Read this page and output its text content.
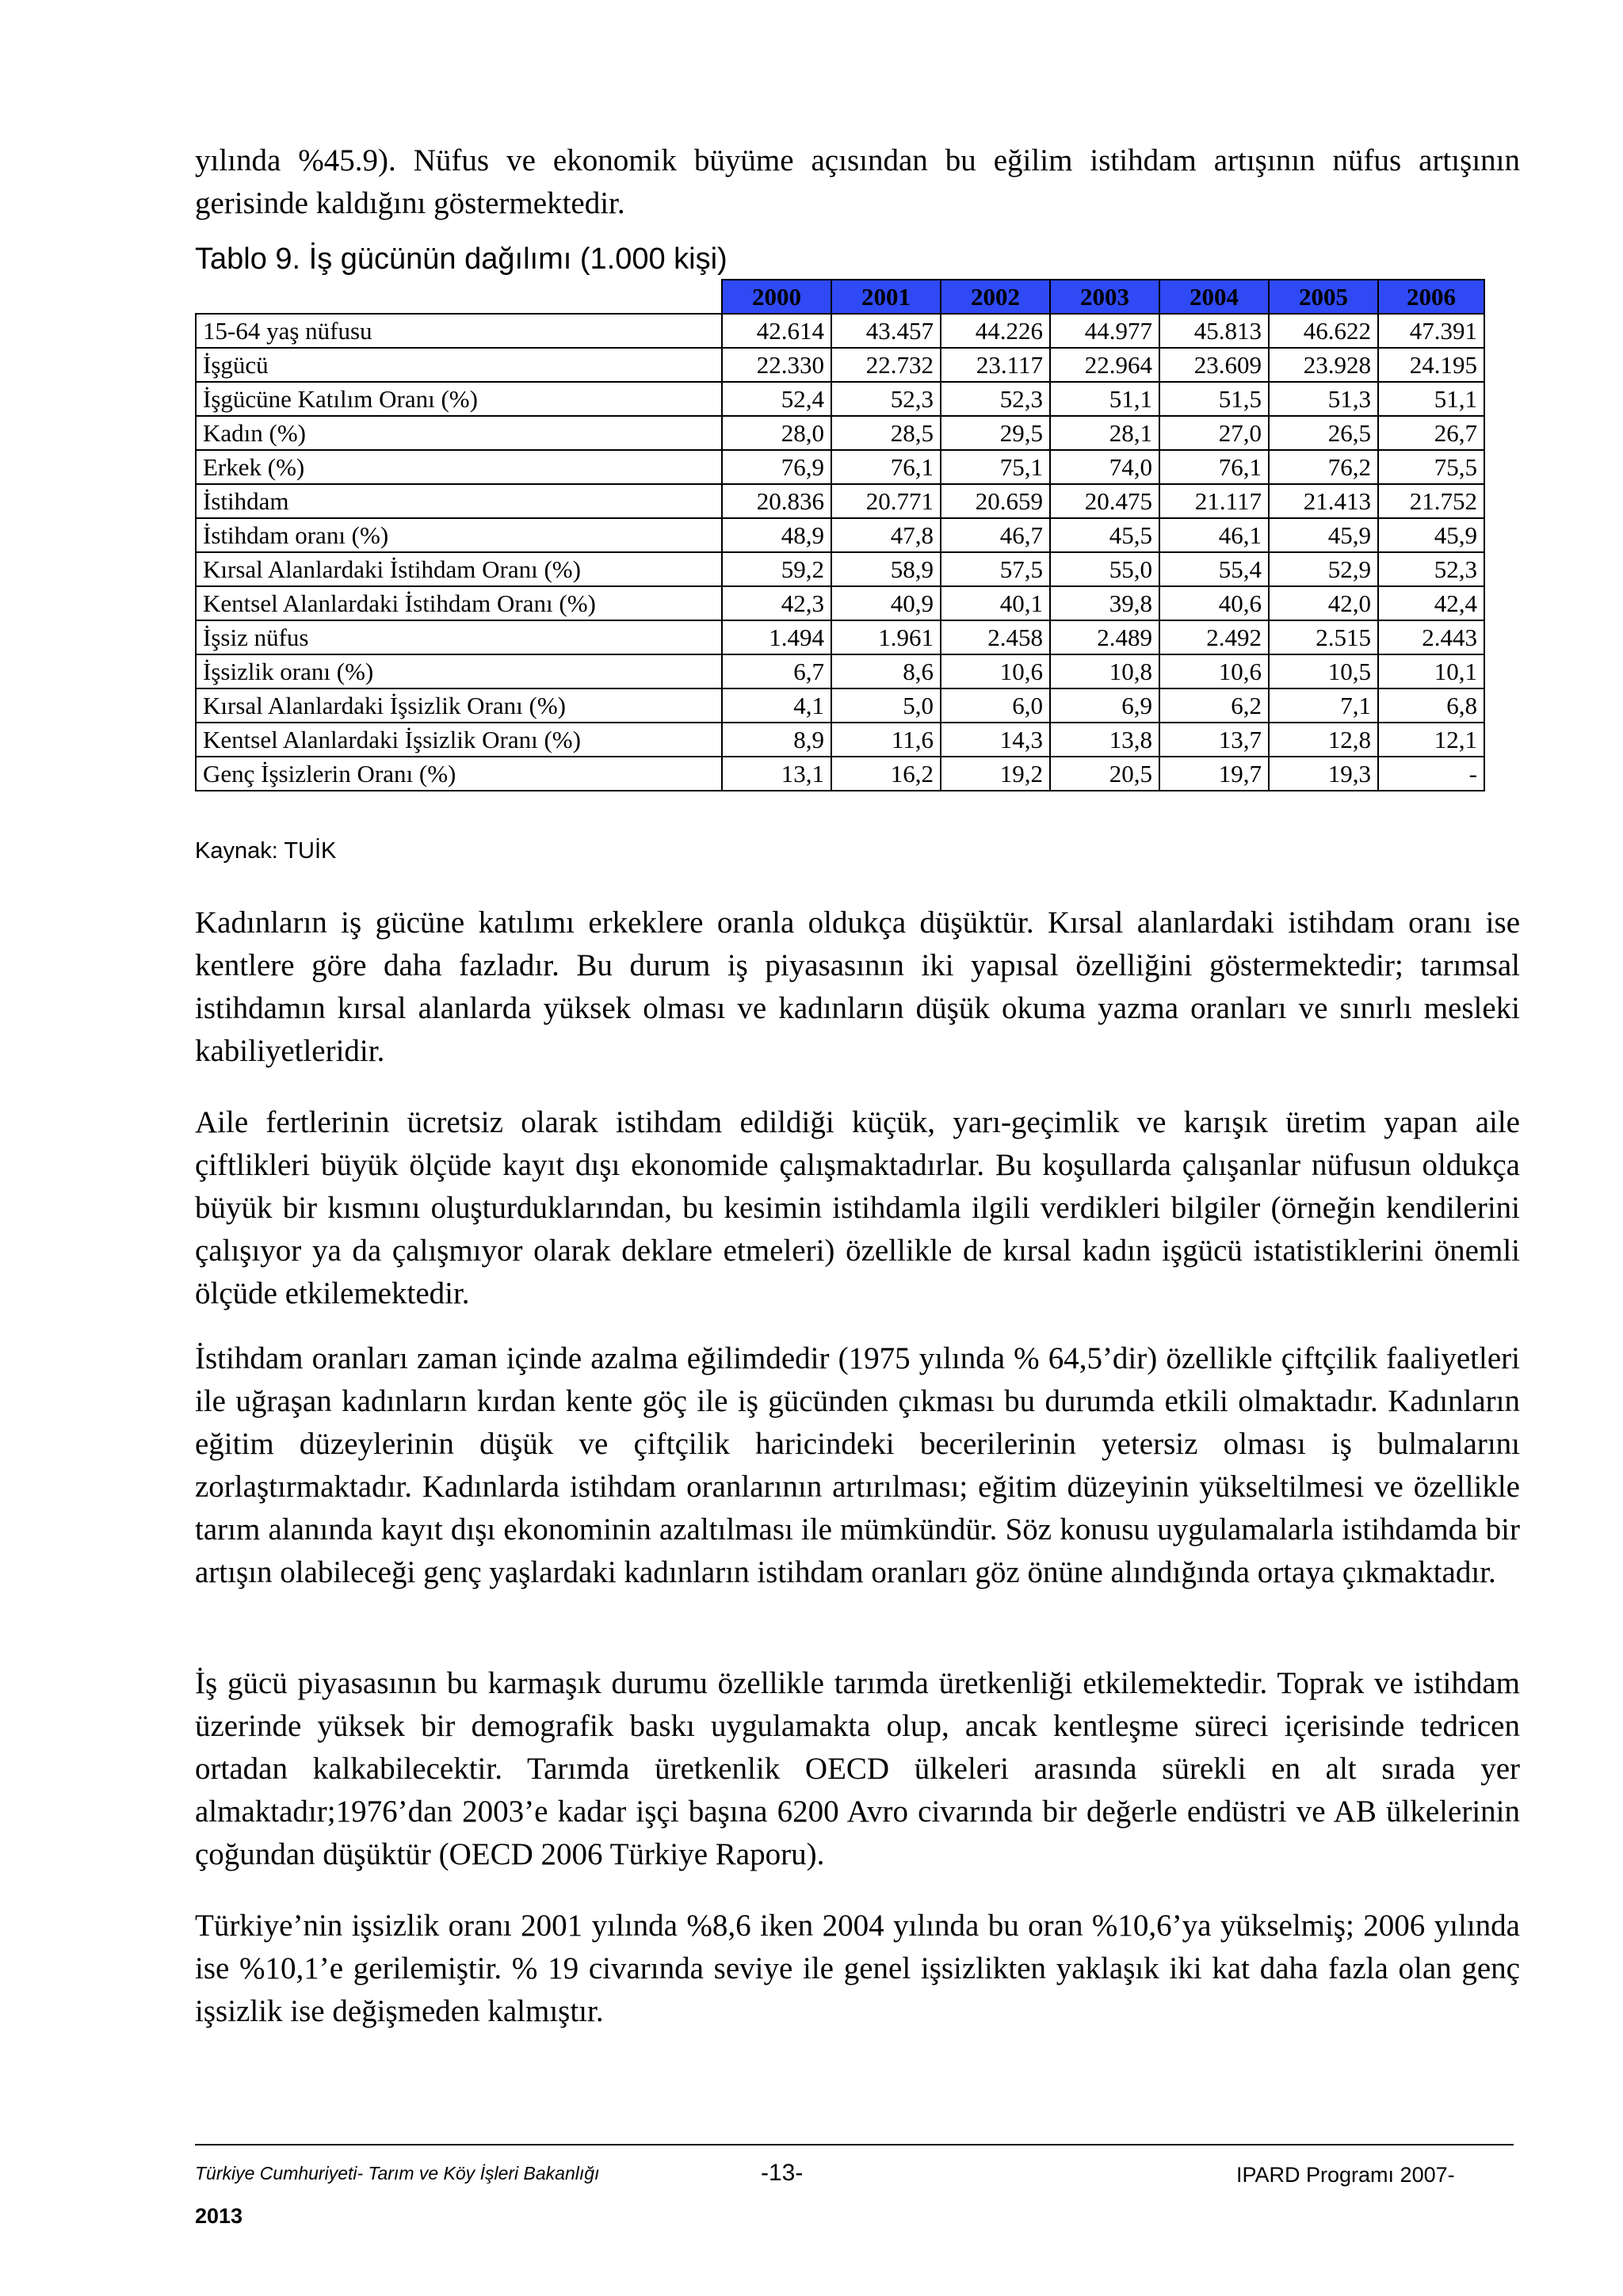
yılında %45.9). Nüfus ve ekonomik büyüme açısından bu eğilim istihdam artışının nüfus artışının gerisinde kaldığını göstermektedir.

Tablo 9. İş gücünün dağılımı (1.000 kişi)
	2000	2001	2002	2003	2004	2005	2006
15-64 yaş nüfusu	42.614	43.457	44.226	44.977	45.813	46.622	47.391
İşgücü	22.330	22.732	23.117	22.964	23.609	23.928	24.195
İşgücüne Katılım Oranı (%)	52,4	52,3	52,3	51,1	51,5	51,3	51,1
Kadın (%)	28,0	28,5	29,5	28,1	27,0	26,5	26,7
Erkek (%)	76,9	76,1	75,1	74,0	76,1	76,2	75,5
İstihdam	20.836	20.771	20.659	20.475	21.117	21.413	21.752
İstihdam oranı (%)	48,9	47,8	46,7	45,5	46,1	45,9	45,9
Kırsal Alanlardaki İstihdam Oranı (%)	59,2	58,9	57,5	55,0	55,4	52,9	52,3
Kentsel Alanlardaki İstihdam Oranı (%)	42,3	40,9	40,1	39,8	40,6	42,0	42,4
İşsiz nüfus	1.494	1.961	2.458	2.489	2.492	2.515	2.443
İşsizlik oranı (%)	6,7	8,6	10,6	10,8	10,6	10,5	10,1
Kırsal Alanlardaki İşsizlik Oranı (%)	4,1	5,0	6,0	6,9	6,2	7,1	6,8
Kentsel Alanlardaki İşsizlik Oranı (%)	8,9	11,6	14,3	13,8	13,7	12,8	12,1
Genç İşsizlerin Oranı (%)	13,1	16,2	19,2	20,5	19,7	19,3	-
Kaynak: TUİK

Kadınların iş gücüne katılımı erkeklere oranla oldukça düşüktür. Kırsal alanlardaki istihdam oranı ise kentlere göre daha fazladır. Bu durum iş piyasasının iki yapısal özelliğini göstermektedir; tarımsal istihdamın kırsal alanlarda yüksek olması ve kadınların düşük okuma yazma oranları ve sınırlı mesleki kabiliyetleridir.

Aile fertlerinin ücretsiz olarak istihdam edildiği küçük, yarı-geçimlik ve karışık üretim yapan aile çiftlikleri büyük ölçüde kayıt dışı ekonomide çalışmaktadırlar. Bu koşullarda çalışanlar nüfusun oldukça büyük bir kısmını oluşturduklarından, bu kesimin istihdamla ilgili verdikleri bilgiler (örneğin kendilerini çalışıyor ya da çalışmıyor olarak deklare etmeleri) özellikle de kırsal kadın işgücü istatistiklerini önemli ölçüde etkilemektedir.

İstihdam oranları zaman içinde azalma eğilimdedir (1975 yılında % 64,5’dir) özellikle çiftçilik faaliyetleri ile uğraşan kadınların kırdan kente göç ile iş gücünden çıkması bu durumda etkili olmaktadır. Kadınların eğitim düzeylerinin düşük ve çiftçilik haricindeki becerilerinin yetersiz olması iş bulmalarını zorlaştırmaktadır. Kadınlarda istihdam oranlarının artırılması; eğitim düzeyinin yükseltilmesi ve özellikle tarım alanında kayıt dışı ekonominin azaltılması ile mümkündür. Söz konusu uygulamalarla istihdamda bir artışın olabileceği genç yaşlardaki kadınların istihdam oranları göz önüne alındığında ortaya çıkmaktadır.

İş gücü piyasasının bu karmaşık durumu özellikle tarımda üretkenliği etkilemektedir. Toprak ve istihdam üzerinde yüksek bir demografik baskı uygulamakta olup, ancak kentleşme süreci içerisinde tedricen ortadan kalkabilecektir. Tarımda üretkenlik OECD ülkeleri arasında sürekli en alt sırada yer almaktadır;1976’dan 2003’e kadar işçi başına 6200 Avro civarında bir değerle endüstri ve AB ülkelerinin çoğundan düşüktür (OECD 2006 Türkiye Raporu).

Türkiye’nin işsizlik oranı 2001 yılında %8,6 iken 2004 yılında bu oran %10,6’ya yükselmiş; 2006 yılında ise %10,1’e gerilemiştir. % 19 civarında seviye ile genel işsizlikten yaklaşık iki kat daha fazla olan genç işsizlik ise değişmeden kalmıştır.

Türkiye Cumhuriyeti- Tarım ve Köy İşleri Bakanlığı	-13-	IPARD Programı 2007-
2013
